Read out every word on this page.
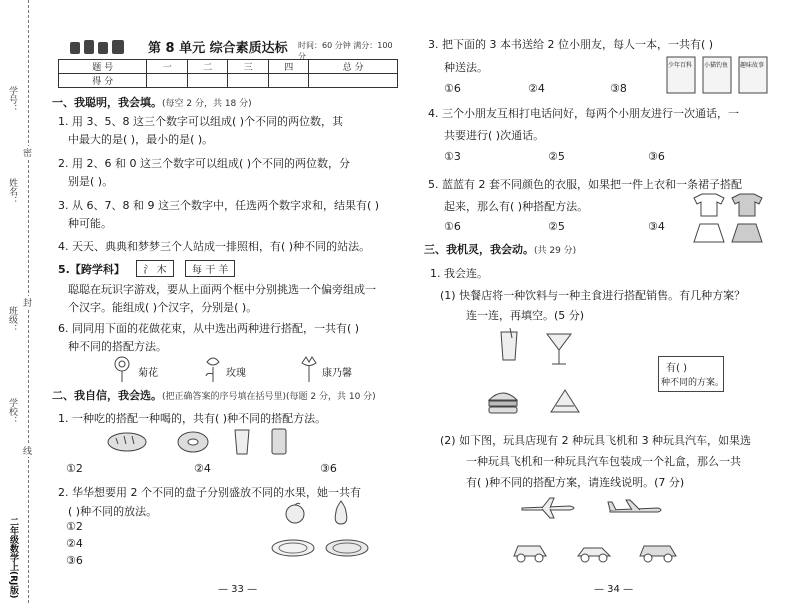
学号：
密
姓名：
封
班级：
学校：
线
二年级数学上(RJ版)
第 8 单元 综合素质达标 时间：60 分钟 满分：100 分
题 号	一	二	三	四	总 分
得 分					
一、我聪明，我会填。(每空 2 分，共 18 分)
1. 用 3、5、8 这三个数字可以组成( )个不同的两位数，其
中最大的是( )，最小的是( )。
2. 用 2、6 和 0 这三个数字可以组成( )个不同的两位数，分
别是( )。
3. 从 6、7、8 和 9 这三个数字中，任选两个数字求和，结果有( )
种可能。
4. 天天、典典和梦梦三个人站成一排照相，有( )种不同的站法。
5.【跨学科】 氵 木	每 干 羊
聪聪在玩识字游戏，要从上面两个框中分别挑选一个偏旁组成一
个汉字。能组成( )个汉字，分别是( )。
6. 同同用下面的花做花束，从中选出两种进行搭配，一共有( )
种不同的搭配方法。
菊花	玫瑰	康乃馨
二、我自信，我会选。(把正确答案的序号填在括号里)(每题 2 分，共 10 分)
1. 一种吃的搭配一种喝的，共有( )种不同的搭配方法。
①2	②4	③6
2. 华华想要用 2 个不同的盘子分别盛放不同的水果，她一共有
( )种不同的放法。
①2
②4
③6
— 33 —
3. 把下面的 3 本书送给 2 位小朋友，每人一本，一共有( )
种送法。
①6	②4	③8
少年百科 小猫钓鱼 趣味故事
4. 三个小朋友互相打电话问好，每两个小朋友进行一次通话，一
共要进行( )次通话。
①3	②5	③6
5. 蓝蓝有 2 套不同颜色的衣服，如果把一件上衣和一条裙子搭配
起来，那么有( )种搭配方法。
①6	②5	③4
三、我机灵，我会动。(共 29 分)
1. 我会连。
(1) 快餐店将一种饮料与一种主食进行搭配销售。有几种方案？
连一连，再填空。(5 分)
有( )
种不同的方案。
(2) 如下图，玩具店现有 2 种玩具飞机和 3 种玩具汽车，如果选
一种玩具飞机和一种玩具汽车包装成一个礼盒，那么一共
有( )种不同的搭配方案，请连线说明。(7 分)
— 34 —
